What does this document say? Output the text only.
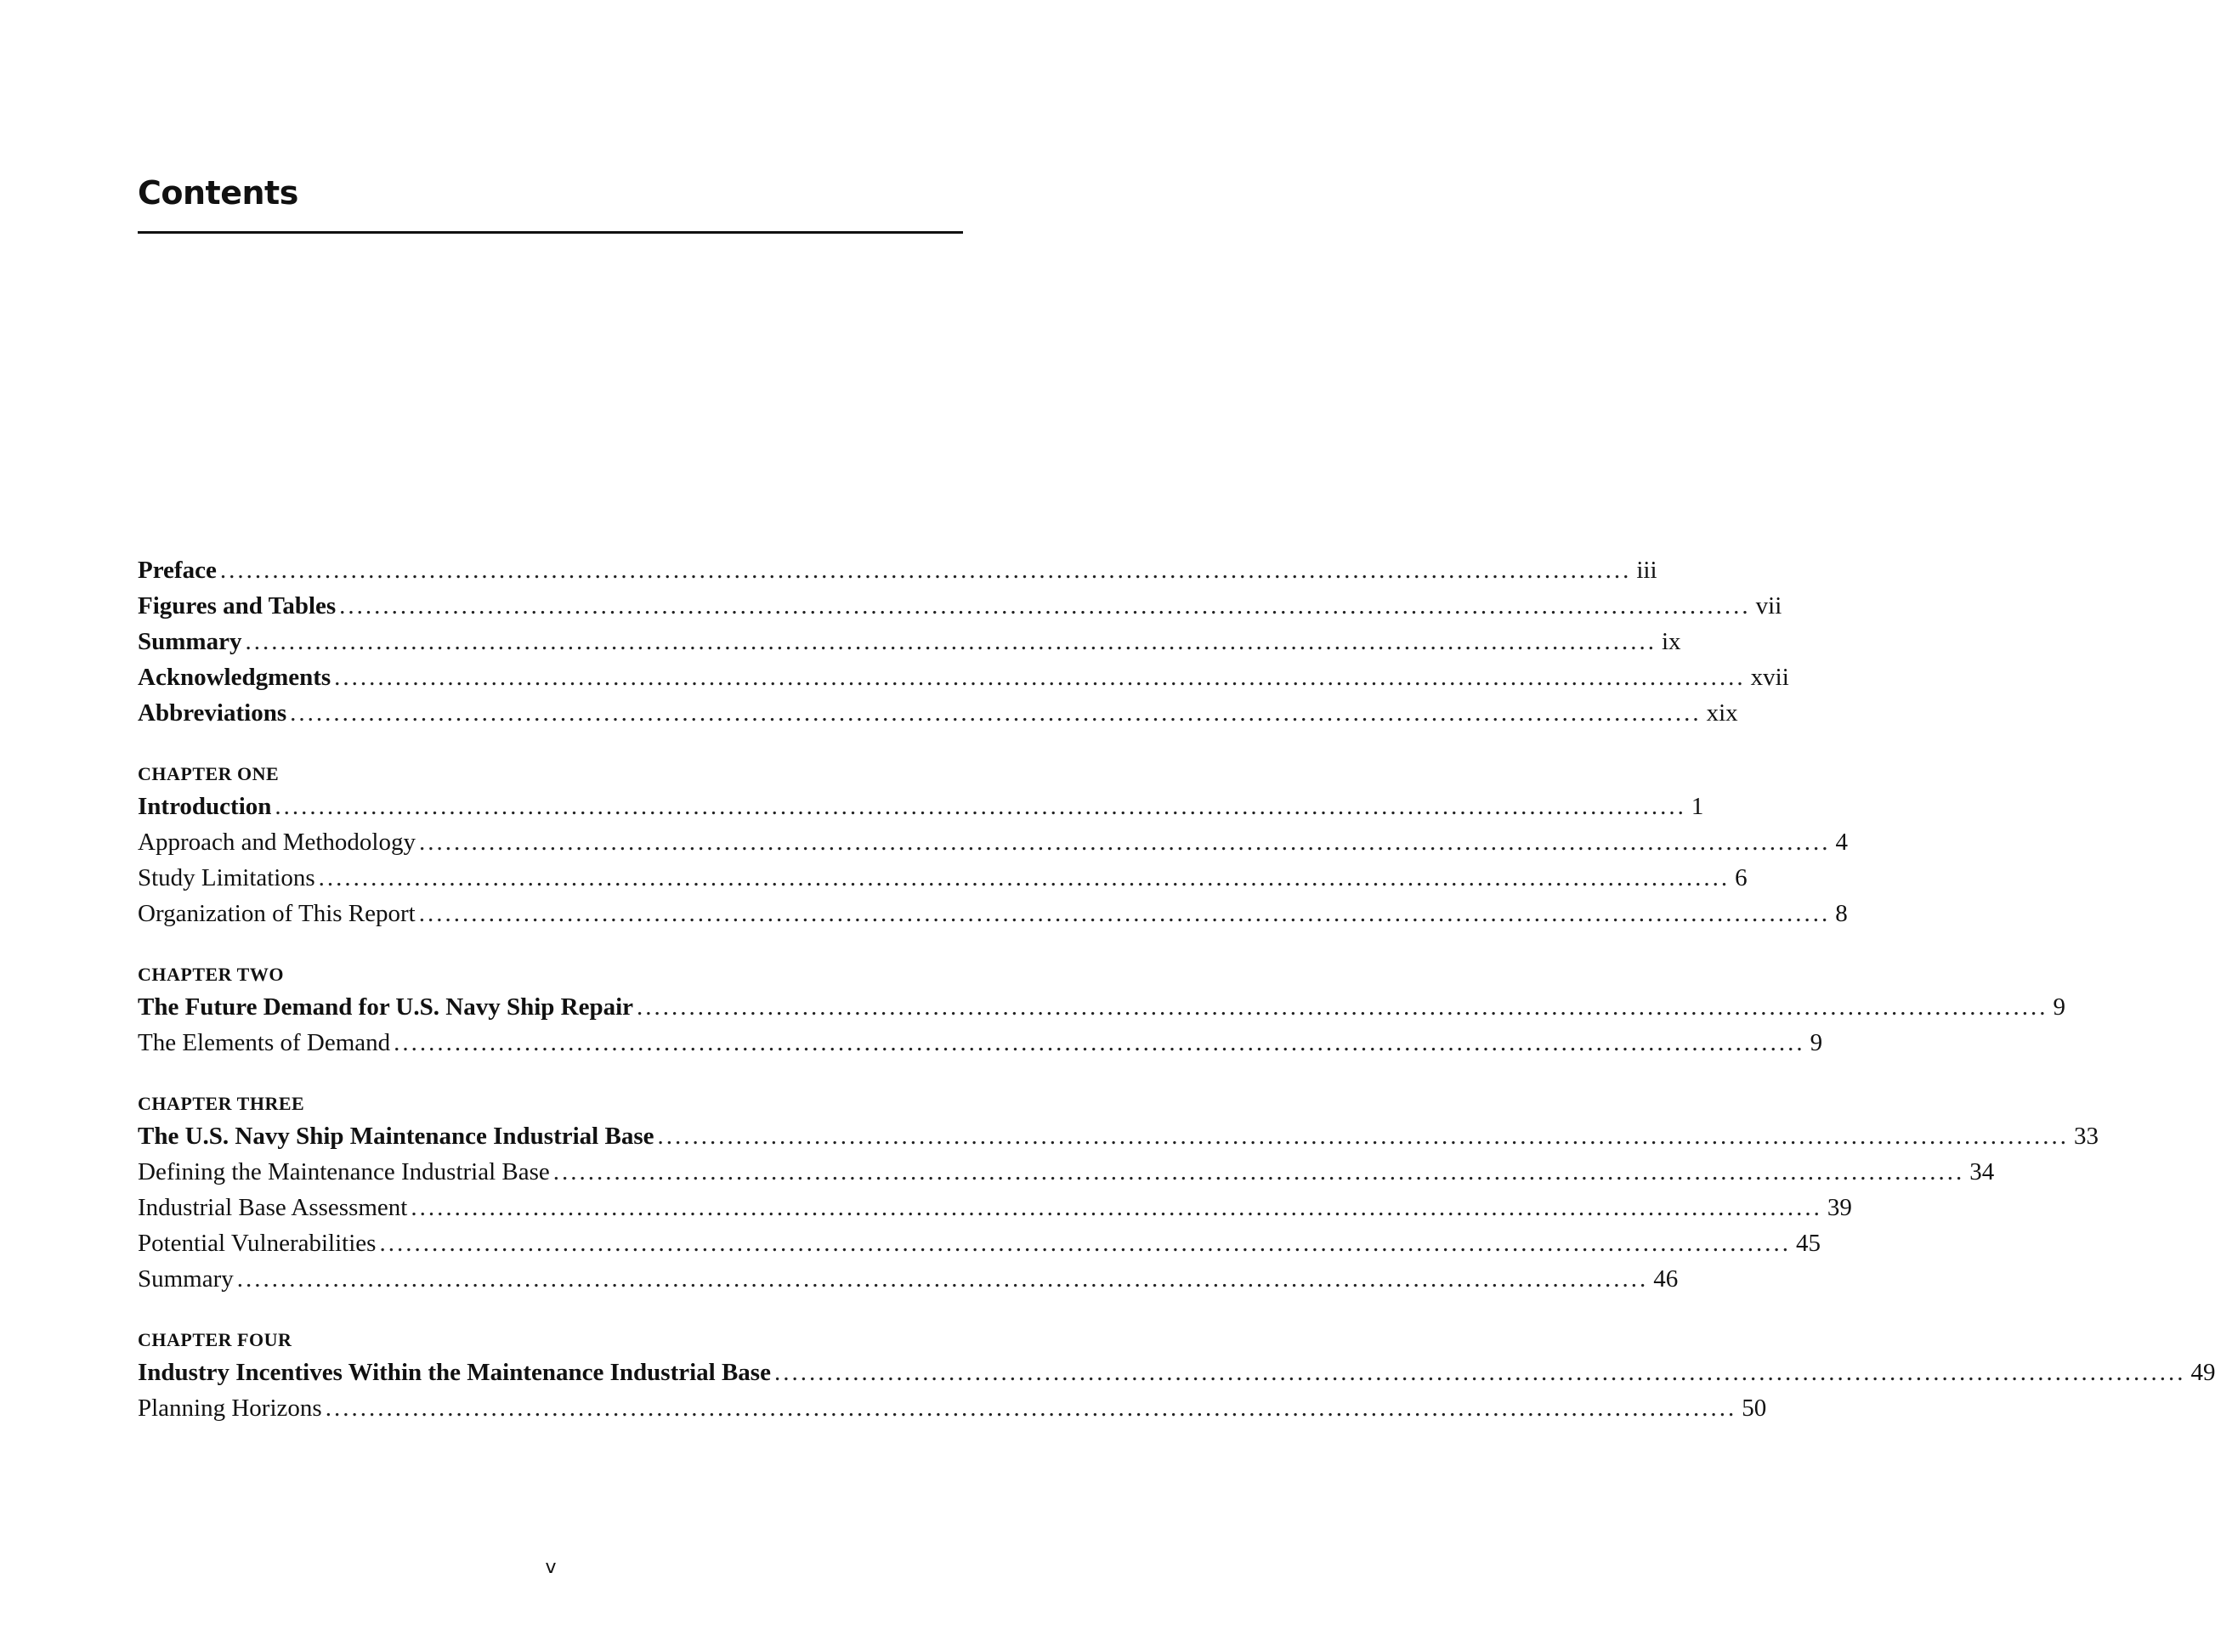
Contents
Preface .................................................................................................................................................................. iii
Figures and Tables .................................................................................................................................................................. vii
Summary .................................................................................................................................................................. ix
Acknowledgments .................................................................................................................................................................. xvii
Abbreviations .................................................................................................................................................................. xix
CHAPTER ONE
Introduction .................................................................................................................................................................. 1
Approach and Methodology .................................................................................................................................................................. 4
Study Limitations .................................................................................................................................................................. 6
Organization of This Report .................................................................................................................................................................. 8
CHAPTER TWO
The Future Demand for U.S. Navy Ship Repair .................................................................................................................................................................. 9
The Elements of Demand .................................................................................................................................................................. 9
CHAPTER THREE
The U.S. Navy Ship Maintenance Industrial Base .................................................................................................................................................................. 33
Defining the Maintenance Industrial Base .................................................................................................................................................................. 34
Industrial Base Assessment .................................................................................................................................................................. 39
Potential Vulnerabilities .................................................................................................................................................................. 45
Summary .................................................................................................................................................................. 46
CHAPTER FOUR
Industry Incentives Within the Maintenance Industrial Base .................................................................................................................................................................. 49
Planning Horizons .................................................................................................................................................................. 50
v
